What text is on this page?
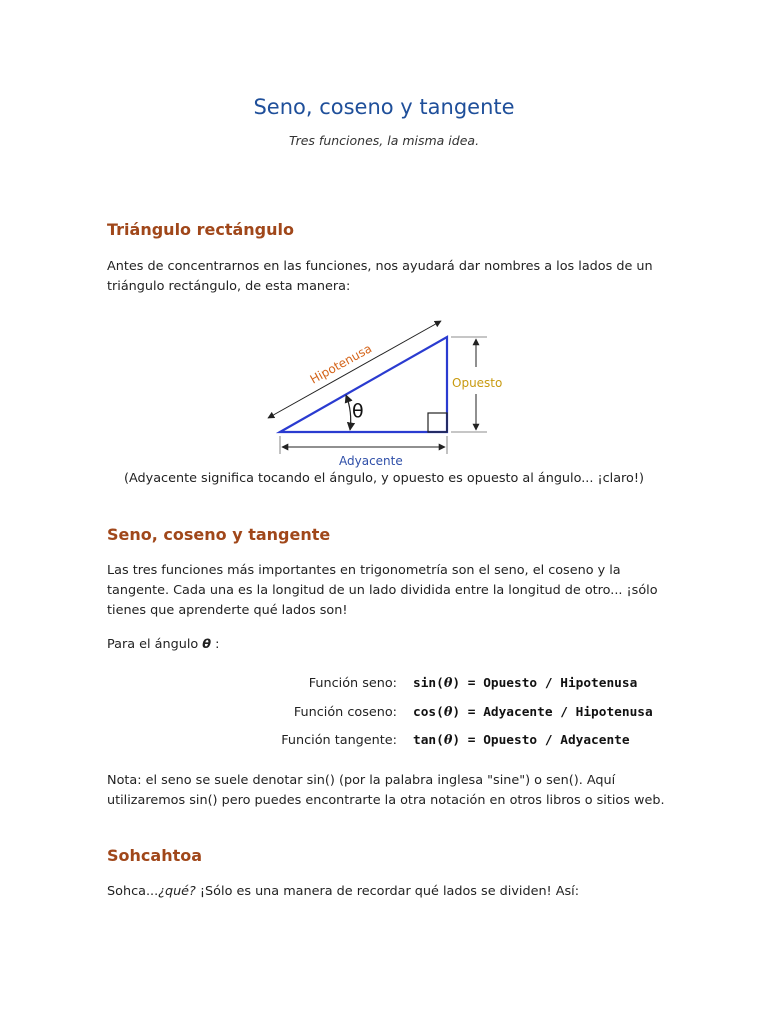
Seno, coseno y tangente

Tres funciones, la misma idea.

Triángulo rectángulo

Antes de concentrarnos en las funciones, nos ayudará dar nombres a los lados de un
triángulo rectángulo, de esta manera:

θ
Hipotenusa	Opuesto
Adyacente

(Adyacente significa tocando el ángulo, y opuesto es opuesto al ángulo... ¡claro!)

Seno, coseno y tangente

Las tres funciones más importantes en trigonometría son el seno, el coseno y la
tangente. Cada una es la longitud de un lado dividida entre la longitud de otro... ¡sólo
tienes que aprenderte qué lados son!

Para el ángulo θ :

Función seno: sin(θ) = Opuesto / Hipotenusa
Función coseno: cos(θ) = Adyacente / Hipotenusa
Función tangente: tan(θ) = Opuesto / Adyacente

Nota: el seno se suele denotar sin() (por la palabra inglesa "sine") o sen(). Aquí
utilizaremos sin() pero puedes encontrarte la otra notación en otros libros o sitios web.

Sohcahtoa

Sohca...¿qué? ¡Sólo es una manera de recordar qué lados se dividen! Así:
